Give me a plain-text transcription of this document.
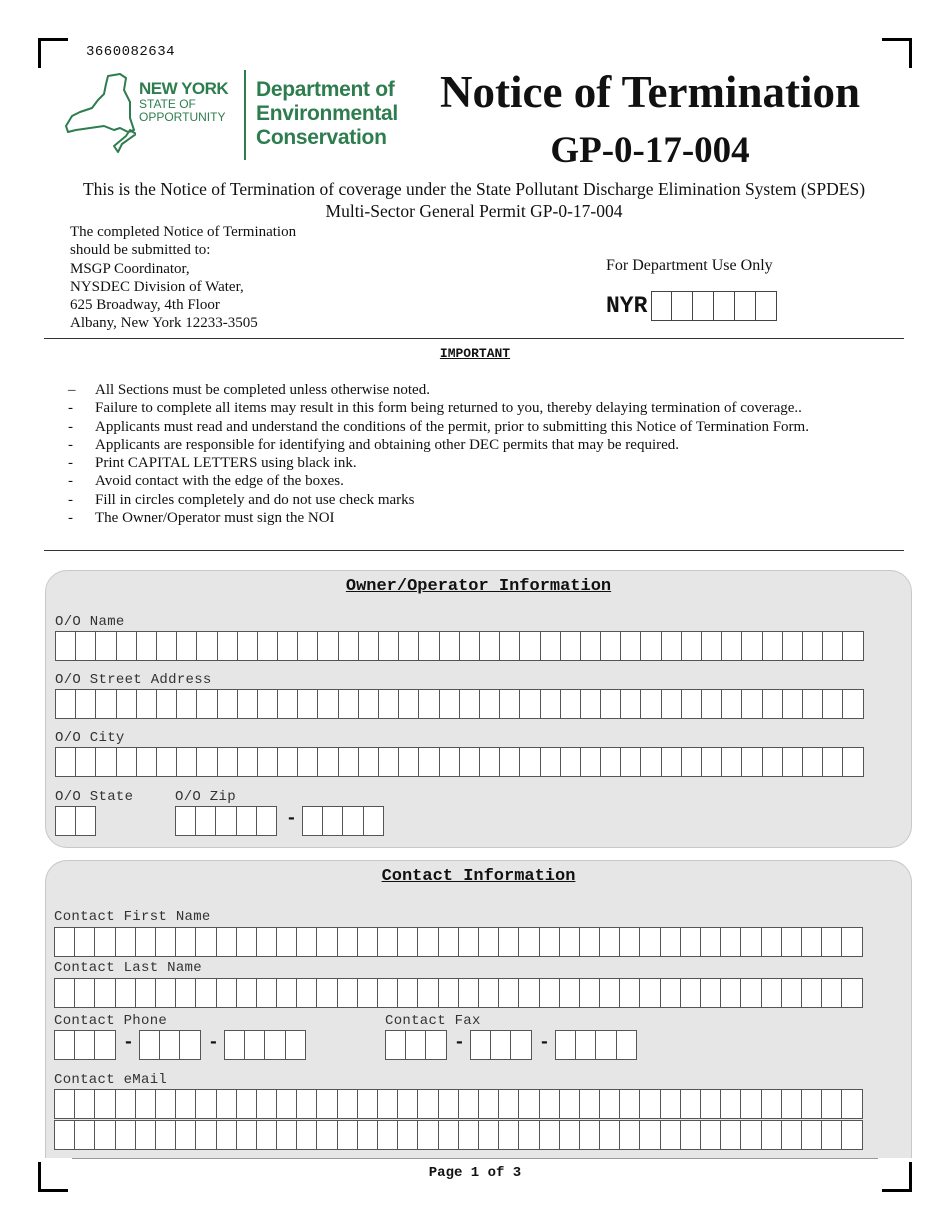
3660082634
NEW YORK
STATE OF
OPPORTUNITY
Department of
Environmental
Conservation
Notice of Termination
GP-0-17-004
This is the Notice of Termination of coverage under the State Pollutant Discharge Elimination System (SPDES)
Multi-Sector General Permit GP-0-17-004
The completed Notice of Termination
should be submitted to:
MSGP Coordinator,
NYSDEC Division of Water,
625 Broadway, 4th Floor
Albany, New York 12233-3505
For Department Use Only
NYR
IMPORTANT
–	All Sections must be completed unless otherwise noted.
-	Failure to complete all items may result in this form being returned to you, thereby delaying termination of coverage..
-	Applicants must read and understand the conditions of the permit, prior to submitting this Notice of Termination Form.
-	Applicants are responsible for identifying and obtaining other DEC permits that may be required.
-	Print CAPITAL LETTERS using black ink.
-	Avoid contact with the edge of the boxes.
-	Fill in circles completely and do not use check marks
-	The Owner/Operator must sign the NOI
Owner/Operator Information
O/O Name
O/O Street Address
O/O City
O/O State	O/O Zip
-
Contact Information
Contact First Name
Contact Last Name
Contact Phone
-	-
Contact Fax
-	-
Contact eMail
Page 1 of 3
